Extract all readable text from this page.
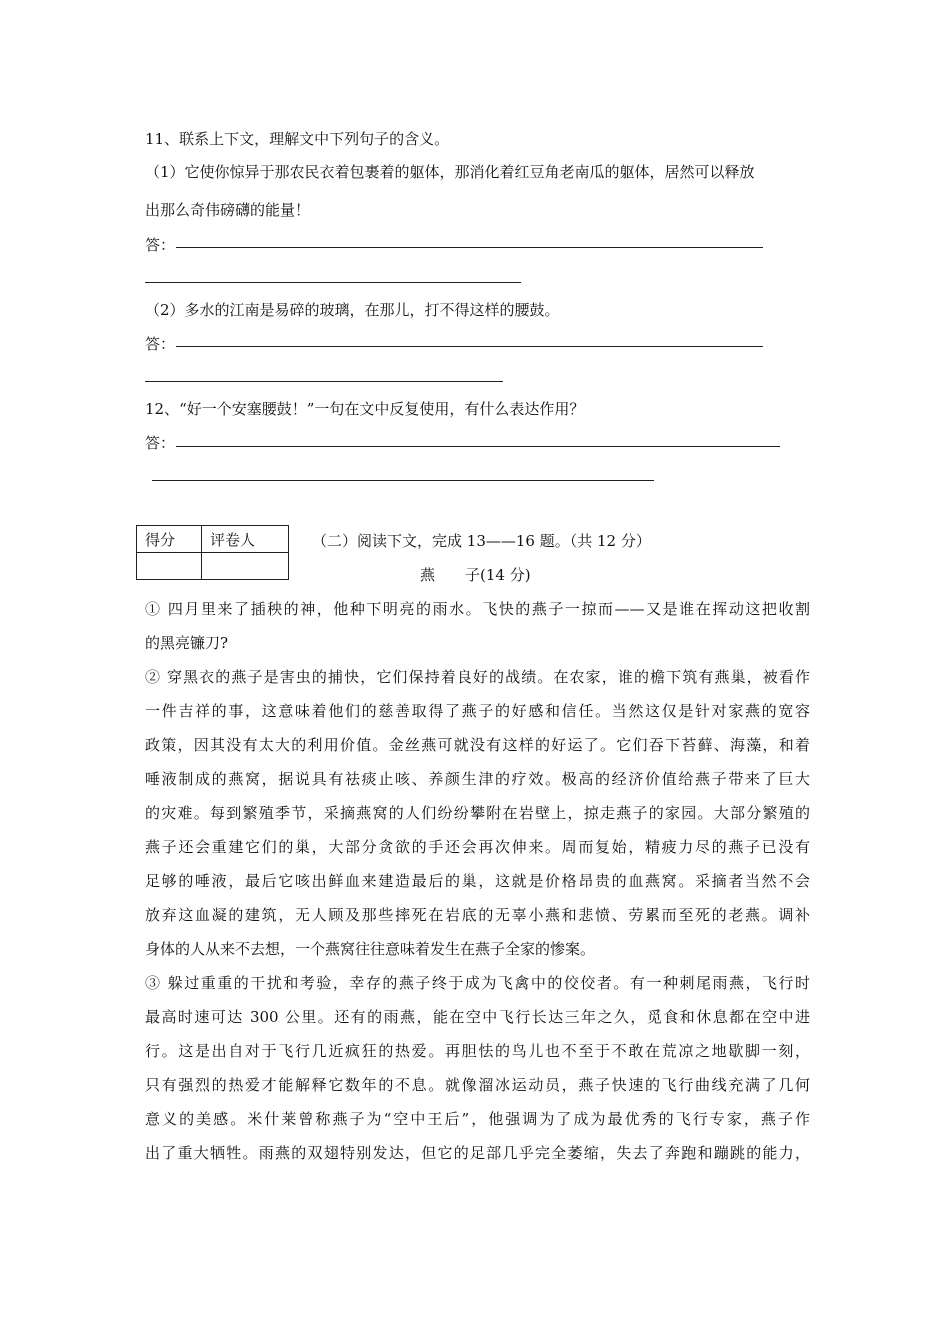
11、联系上下文，理解文中下列句子的含义。
（1）它使你惊异于那农民衣着包裹着的躯体，那消化着红豆角老南瓜的躯体，居然可以释放
出那么奇伟磅礴的能量！
答：
（2）多水的江南是易碎的玻璃，在那儿，打不得这样的腰鼓。
答：
12、“好一个安塞腰鼓！”一句在文中反复使用，有什么表达作用？
答：
得分	评卷人
		（二）阅读下文，完成 13——16 题。（共 12 分）
燕　　子(14 分)
① 四月里来了插秧的神，他种下明亮的雨水。飞快的燕子一掠而——又是谁在挥动这把收割
的黑亮镰刀?
② 穿黑衣的燕子是害虫的捕快，它们保持着良好的战绩。在农家，谁的檐下筑有燕巢，被看作
一件吉祥的事，这意味着他们的慈善取得了燕子的好感和信任。当然这仅是针对家燕的宽容
政策，因其没有太大的利用价值。金丝燕可就没有这样的好运了。它们吞下苔藓、海藻，和着
唾液制成的燕窝，据说具有祛痰止咳、养颜生津的疗效。极高的经济价值给燕子带来了巨大
的灾难。每到繁殖季节，采摘燕窝的人们纷纷攀附在岩壁上，掠走燕子的家园。大部分繁殖的
燕子还会重建它们的巢，大部分贪欲的手还会再次伸来。周而复始，精疲力尽的燕子已没有
足够的唾液，最后它咳出鲜血来建造最后的巢，这就是价格昂贵的血燕窝。采摘者当然不会
放弃这血凝的建筑，无人顾及那些摔死在岩底的无辜小燕和悲愤、劳累而至死的老燕。调补
身体的人从来不去想，一个燕窝往往意味着发生在燕子全家的惨案。
③ 躲过重重的干扰和考验，幸存的燕子终于成为飞禽中的佼佼者。有一种刺尾雨燕，飞行时
最高时速可达 300 公里。还有的雨燕，能在空中飞行长达三年之久，觅食和休息都在空中进
行。这是出自对于飞行几近疯狂的热爱。再胆怯的鸟儿也不至于不敢在荒凉之地歇脚一刻，
只有强烈的热爱才能解释它数年的不息。就像溜冰运动员，燕子快速的飞行曲线充满了几何
意义的美感。米什莱曾称燕子为“空中王后”，他强调为了成为最优秀的飞行专家，燕子作
出了重大牺牲。雨燕的双翅特别发达，但它的足部几乎完全萎缩，失去了奔跑和蹦跳的能力，
